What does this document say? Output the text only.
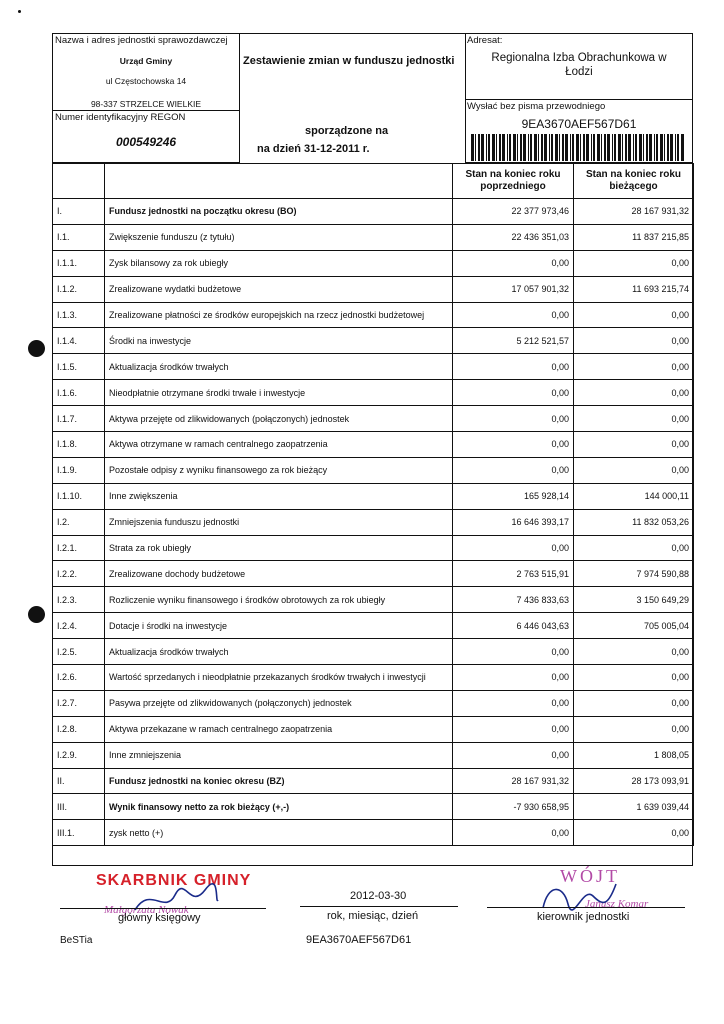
Nazwa i adres jednostki sprawozdawczej
Urząd Gminy
ul Częstochowska 14
98-337 STRZELCE WIELKIE
Numer identyfikacyjny REGON
000549246
Zestawienie zmian w funduszu jednostki
sporządzone na
na dzień 31-12-2011 r.
Adresat:
Regionalna Izba Obrachunkowa w
Łodzi
Wysłać bez pisma przewodniego
9EA3670AEF567D61
		Stan na koniec roku poprzedniego	Stan na koniec roku bieżącego
I.	Fundusz jednostki na początku okresu (BO)	22 377 973,46	28 167 931,32
I.1.	Zwiększenie funduszu (z tytułu)	22 436 351,03	11 837 215,85
I.1.1.	Zysk bilansowy za rok ubiegły	0,00	0,00
I.1.2.	Zrealizowane wydatki budżetowe	17 057 901,32	11 693 215,74
I.1.3.	Zrealizowane płatności ze środków europejskich na rzecz jednostki budżetowej	0,00	0,00
I.1.4.	Środki na inwestycje	5 212 521,57	0,00
I.1.5.	Aktualizacja środków trwałych	0,00	0,00
I.1.6.	Nieodpłatnie otrzymane środki trwałe i inwestycje	0,00	0,00
I.1.7.	Aktywa przejęte od zlikwidowanych (połączonych) jednostek	0,00	0,00
I.1.8.	Aktywa otrzymane w ramach centralnego zaopatrzenia	0,00	0,00
I.1.9.	Pozostałe odpisy z wyniku finansowego za rok bieżący	0,00	0,00
I.1.10.	Inne zwiększenia	165 928,14	144 000,11
I.2.	Zmniejszenia funduszu jednostki	16 646 393,17	11 832 053,26
I.2.1.	Strata za rok ubiegły	0,00	0,00
I.2.2.	Zrealizowane dochody budżetowe	2 763 515,91	7 974 590,88
I.2.3.	Rozliczenie wyniku finansowego i środków obrotowych za rok ubiegły	7 436 833,63	3 150 649,29
I.2.4.	Dotacje i środki na inwestycje	6 446 043,63	705 005,04
I.2.5.	Aktualizacja środków trwałych	0,00	0,00
I.2.6.	Wartość sprzedanych i nieodpłatnie przekazanych środków trwałych i inwestycji	0,00	0,00
I.2.7.	Pasywa przejęte od zlikwidowanych (połączonych) jednostek	0,00	0,00
I.2.8.	Aktywa przekazane w ramach centralnego zaopatrzenia	0,00	0,00
I.2.9.	Inne zmniejszenia	0,00	1 808,05
II.	Fundusz jednostki na koniec okresu (BZ)	28 167 931,32	28 173 093,91
III.	Wynik finansowy netto za rok bieżący (+,-)	-7 930 658,95	1 639 039,44
III.1.	zysk netto (+)	0,00	0,00
SKARBNIK GMINY
Małgorzata Nowak
główny księgowy
2012-03-30
rok, miesiąc, dzień
WÓJT
Janusz Komar
kierownik jednostki
BeSTia	9EA3670AEF567D61
